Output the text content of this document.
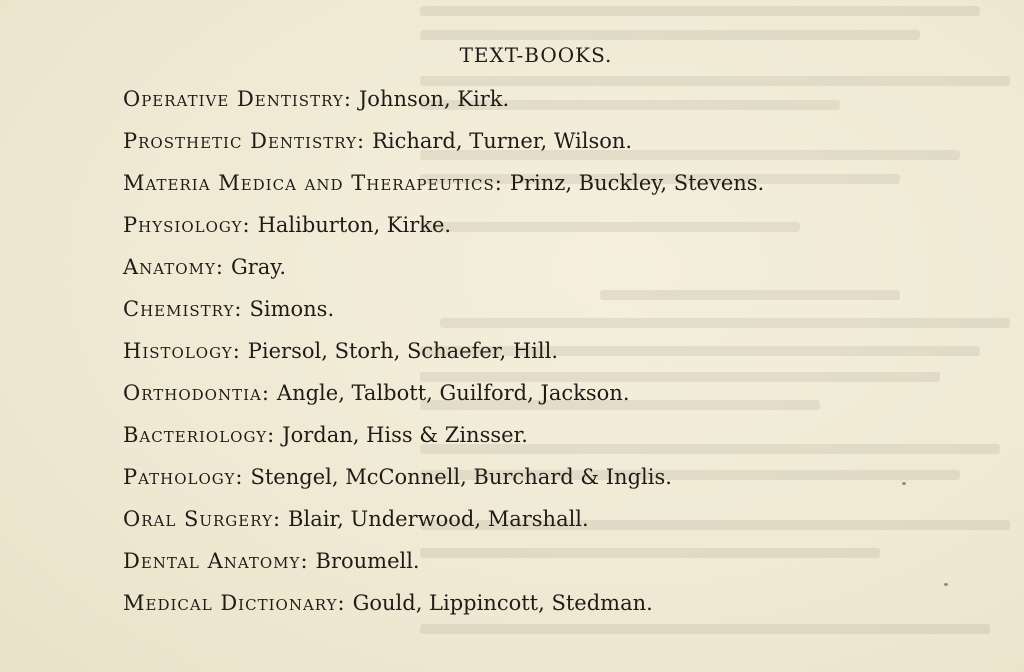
TEXT-BOOKS.
Operative Dentistry: Johnson, Kirk.
Prosthetic Dentistry: Richard, Turner, Wilson.
Materia Medica and Therapeutics: Prinz, Buckley, Stevens.
Physiology: Haliburton, Kirke.
Anatomy: Gray.
Chemistry: Simons.
Histology: Piersol, Storh, Schaefer, Hill.
Orthodontia: Angle, Talbott, Guilford, Jackson.
Bacteriology: Jordan, Hiss & Zinsser.
Pathology: Stengel, McConnell, Burchard & Inglis.
Oral Surgery: Blair, Underwood, Marshall.
Dental Anatomy: Broumell.
Medical Dictionary: Gould, Lippincott, Stedman.
